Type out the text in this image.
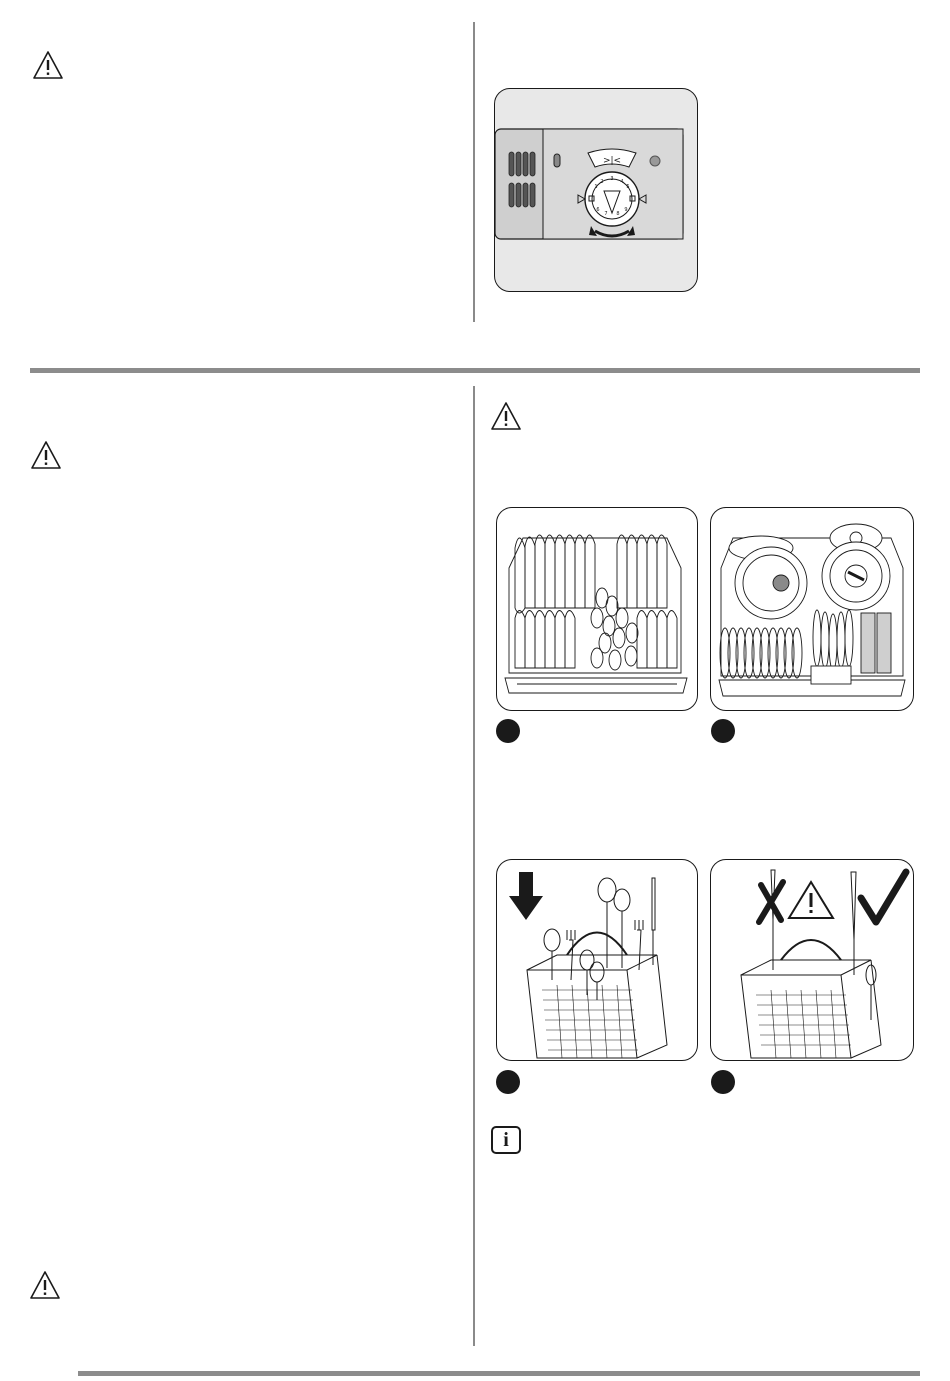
>|<
1
2 3 4
5
6
7 8
9
i
